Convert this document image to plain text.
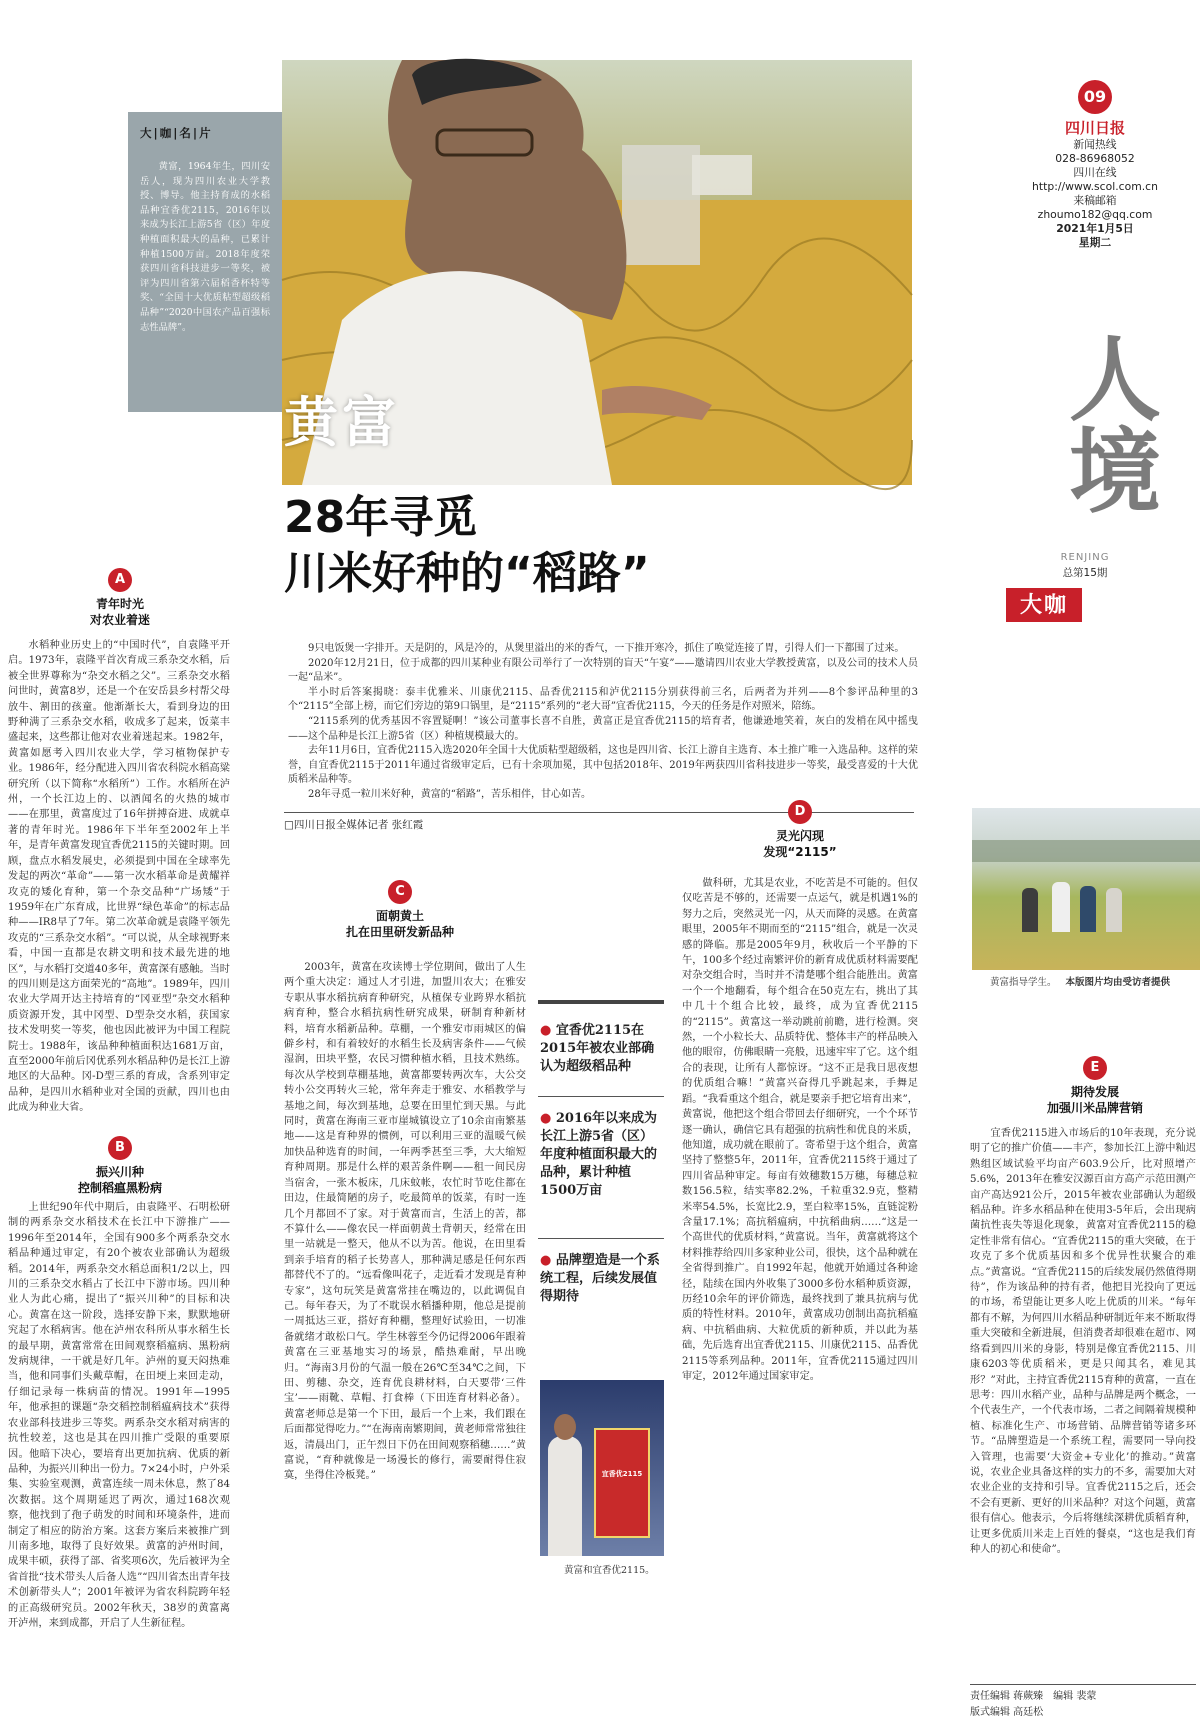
大|咖|名|片
黄富，1964年生，四川安岳人，现为四川农业大学教授、博导。他主持育成的水稻品种宜香优2115，2016年以来成为长江上游5省（区）年度种植面积最大的品种，已累计种植1500万亩。2018年度荣获四川省科技进步一等奖，被评为四川省第六届稻香杯特等奖、“全国十大优质粘型超级稻品种”“2020中国农产品百强标志性品牌”。
黄富
28年寻觅
川米好种的“稻路”
09
四川日报
新闻热线
028-86968052
四川在线
http://www.scol.com.cn
来稿邮箱
zhoumo182@qq.com
2021年1月5日
星期二
人境
RENJING
总第15期
大咖
A
青年时光
对农业着迷

水稻种业历史上的“中国时代”，自袁隆平开启。1973年，袁隆平首次育成三系杂交水稻，后被全世界尊称为“杂交水稻之父”。三系杂交水稻问世时，黄富8岁，还是一个在安岳县乡村帮父母放牛、割田的孩童。他渐渐长大，看到身边的田野种满了三系杂交水稻，收成多了起来，饭菜丰盛起来，这些都让他对农业着迷起来。1982年，黄富如愿考入四川农业大学，学习植物保护专业。1986年，经分配进入四川省农科院水稻高粱研究所（以下简称“水稻所”）工作。水稻所在泸州，一个长江边上的、以酒闻名的火热的城市——在那里，黄富度过了16年拼搏奋进、成就卓著的青年时光。1986年下半年至2002年上半年，是青年黄富发现宜香优2115的关键时期。回顾，盘点水稻发展史，必须提到中国在全球率先发起的两次“革命”——第一次水稻革命是黄耀祥攻克的矮化育种，第一个杂交品种“广场矮”于1959年在广东育成，比世界“绿色革命”的标志品种——IR8早了7年。第二次革命就是袁隆平领先攻克的“三系杂交水稻”。“可以说，从全球视野来看，中国一直都是农耕文明和技术最先进的地区”，与水稻打交道40多年，黄富深有感触。当时的四川则是这方面荣光的“高地”。1989年，四川农业大学周开达主持培育的“冈亚型”杂交水稻种质资源开发，其中冈型、D型杂交水稻，获国家技术发明奖一等奖，他也因此被评为中国工程院院士。1988年，该品种种植面积达1681万亩，直至2000年前后冈优系列水稻品种仍是长江上游地区的大品种。冈-D型三系的育成，含系列审定品种，是四川水稻种业对全国的贡献，四川也由此成为种业大省。

B
振兴川种
控制稻瘟黑粉病

上世纪90年代中期后，由袁隆平、石明松研制的两系杂交水稻技术在长江中下游推广——1996年至2014年，全国有900多个两系杂交水稻品种通过审定，有20个被农业部确认为超级稻。2014年，两系杂交水稻总面积1/2以上，四川的三系杂交水稻占了长江中下游市场。四川种业人为此心痛，提出了“振兴川种”的目标和决心。黄富在这一阶段，选择安静下来，默默地研究起了水稻病害。他在泸州农科所从事水稻生长的最早期，黄富常常在田间观察稻瘟病、黑粉病发病规律，一干就是好几年。泸州的夏天闷热难当，他和同事们头戴草帽，在田埂上来回走动，仔细记录每一株病苗的情况。1991年—1995年，他承担的课题“杂交稻控制稻瘟病技术”获得农业部科技进步三等奖。两系杂交水稻对病害的抗性较差，这也是其在四川推广受限的重要原因。他暗下决心，要培育出更加抗病、优质的新品种，为振兴川种出一份力。7×24小时，户外采集、实验室观测，黄富连续一周未休息，熬了84次数据。这个周期延迟了两次，通过168次观察，他找到了孢子萌发的时间和环境条件，进而制定了相应的防治方案。这套方案后来被推广到川南多地，取得了良好效果。黄富的泸州时间，成果丰硕，获得了部、省奖项6次，先后被评为全省首批“技术带头人后备人选”“四川省杰出青年技术创新带头人”；2001年被评为省农科院跨年轻的正高级研究员。2002年秋天，38岁的黄富离开泸州，来到成都，开启了人生新征程。

9只电饭煲一字排开。天是阴的，风是冷的，从煲里溢出的米的香气，一下推开寒冷，抓住了唤觉连接了胃，引得人们一下都围了过来。

2020年12月21日，位于成都的四川某种业有限公司举行了一次特别的盲天“午宴”——邀请四川农业大学教授黄富，以及公司的技术人员一起“品米”。

半小时后答案揭晓：泰丰优雅米、川康优2115、品香优2115和泸优2115分别获得前三名，后两者为并列——8个参评品种里的3个“2115”全部上榜，而它们旁边的第9口锅里，是“2115”系列的“老大哥”宜香优2115，今天的任务是作对照米，陪练。

“2115系列的优秀基因不容置疑啊！”该公司董事长喜不自胜，黄富正是宜香优2115的培育者，他谦逊地笑着，灰白的发梢在风中摇曳——这个品种是长江上游5省（区）种植规模最大的。

去年11月6日，宜香优2115入选2020年全国十大优质粘型超级稻，这也是四川省、长江上游自主选育、本土推广唯一入选品种。这样的荣誉，自宜香优2115于2011年通过省级审定后，已有十余项加冕，其中包括2018年、2019年两获四川省科技进步一等奖，最受喜爱的十大优质稻米品种等。

28年寻觅一粒川米好种，黄富的“稻路”，苦乐相伴，甘心如苦。

□四川日报全媒体记者 张红霞
C
面朝黄土
扎在田里研发新品种

2003年，黄富在攻读博士学位期间，做出了人生两个重大决定：通过人才引进，加盟川农大；在雅安专职从事水稻抗病育种研究，从植保专业跨界水稻抗病育种，整合水稻抗病性研究成果，研制育种新材料，培育水稻新品种。草棚，一个雅安市雨城区的偏僻乡村，和有着较好的水稻生长及病害条件——气候湿润，田块平整，农民习惯种植水稻，且技术熟练。每次从学校到草棚基地，黄富都要转两次车，大公交转小公交再转火三轮，常年奔走于雅安、水稻教学与基地之间，每次到基地，总要在田里忙到天黑。与此同时，黄富在海南三亚市崖城镇设立了10余亩南繁基地——这是育种界的惯例，可以利用三亚的温暖气候加快品种选育的时间，一年两季甚至三季，大大缩短育种周期。那是什么样的艰苦条件啊——租一间民房当宿舍，一张木板床，几床蚊帐，农忙时节吃住都在田边，住最简陋的房子，吃最简单的饭菜，有时一连几个月都回不了家。对于黄富而言，生活上的苦，都不算什么——像农民一样面朝黄土背朝天，经常在田里一站就是一整天，他从不以为苦。他说，在田里看到亲手培育的稻子长势喜人，那种满足感是任何东西都替代不了的。“远看像叫花子，走近看才发现是育种专家”，这句玩笑是黄富常挂在嘴边的，以此调侃自己。每年春天，为了不耽误水稻播种期，他总是提前一周抵达三亚，搭好育种棚，整理好试验田，一切准备就绪才敢松口气。学生林蓉至今仍记得2006年跟着黄富在三亚基地实习的场景，酷热难耐，早出晚归。“海南3月份的气温一般在26℃至34℃之间，下田、剪穗、杂交，连育优良耕材料，白天要带‘三件宝’——雨靴、草帽、打食棒（下田连育材料必备）。黄富老师总是第一个下田，最后一个上来，我们跟在后面都觉得吃力。”“在海南南繁期间，黄老师常常独往返，清晨出门，正午烈日下仍在田间观察稻穗……”黄富说，“育种就像是一场漫长的修行，需要耐得住寂寞，坐得住冷板凳。”

● 宜香优2115在2015年被农业部确认为超级稻品种
● 2016年以来成为长江上游5省（区）年度种植面积最大的品种，累计种植1500万亩
● 品牌塑造是一个系统工程，后续发展值得期待
宜香优2115
黄富和宜香优2115。
D
灵光闪现
发现“2115”

做科研，尤其是农业，不吃苦是不可能的。但仅仅吃苦是不够的，还需要一点运气，就是机遇1%的努力之后，突然灵光一闪，从天而降的灵感。在黄富眼里，2005年不期而至的“2115”组合，就是一次灵感的降临。那是2005年9月，秋收后一个平静的下午，100多个经过南繁评价的新育成优质材料需要配对杂交组合时，当时并不清楚哪个组合能胜出。黄富一个一个地翻看，每个组合在50克左右，挑出了其中几十个组合比较，最终，成为宜香优2115的“2115”。黄富这一举动跳前前瞻，进行检测。突然，一个小粒长大、品质特优、整体丰产的样品映入他的眼帘，仿佛眼睛一亮般，迅速牢牢了它。这个组合的表现，让所有人都惊讶。“这不正是我日思夜想的优质组合嘛！”黄富兴奋得几乎跳起来，手舞足蹈。“我看重这个组合，就是要亲手把它培育出来”，黄富说，他把这个组合带回去仔细研究，一个个环节逐一确认，确信它具有超强的抗病性和优良的米质，他知道，成功就在眼前了。寄希望于这个组合，黄富坚持了整整5年，2011年，宜香优2115终于通过了四川省品种审定。每亩有效穗数15万穗，每穗总粒数156.5粒，结实率82.2%，千粒重32.9克，整精米率54.5%，长宽比2.9，垩白粒率15%，直链淀粉含量17.1%；高抗稻瘟病，中抗稻曲病……“这是一个高世代的优质材料，”黄富说。当年，黄富就将这个材料推荐给四川多家种业公司，很快，这个品种就在全省得到推广。自1992年起，他就开始通过各种途径，陆续在国内外收集了3000多份水稻种质资源，历经10余年的评价筛选，最终找到了兼具抗病与优质的特性材料。2010年，黄富成功创制出高抗稻瘟病、中抗稻曲病、大粒优质的新种质，并以此为基础，先后选育出宜香优2115、川康优2115、品香优2115等系列品种。2011年，宜香优2115通过四川审定，2012年通过国家审定。

黄富指导学生。 本版图片均由受访者提供
E
期待发展
加强川米品牌营销

宜香优2115进入市场后的10年表现，充分说明了它的推广价值——丰产，参加长江上游中籼迟熟组区域试验平均亩产603.9公斤，比对照增产5.6%，2013年在雅安汉源百亩方高产示范田测产亩产高达921公斤，2015年被农业部确认为超级稻品种。许多水稻品种在使用3-5年后，会出现病菌抗性丧失等退化现象，黄富对宜香优2115的稳定性非常有信心。“宜香优2115的重大突破，在于攻克了多个优质基因和多个优异性状聚合的难点。”黄富说。“宜香优2115的后续发展仍然值得期待”，作为该品种的持有者，他把目光投向了更远的市场，希望能让更多人吃上优质的川米。“每年都有不解，为何四川水稻品种研制近年来不断取得重大突破和全新进展，但消费者却很难在超市、网络看到四川米的身影，特别是像宜香优2115、川康6203等优质稻米，更是只闻其名，难见其形？”对此，主持宜香优2115育种的黄富，一直在思考：四川水稻产业，品种与品牌是两个概念，一个代表生产，一个代表市场，二者之间隔着规模种植、标准化生产、市场营销、品牌营销等诸多环节。“品牌塑造是一个系统工程，需要同一导向投入管理，也需要‘大资金+专业化’的推动。”黄富说，农业企业具备这样的实力的不多，需要加大对农业企业的支持和引导。宜香优2115之后，还会不会有更新、更好的川米品种？对这个问题，黄富很有信心。他表示，今后将继续深耕优质稻育种，让更多优质川米走上百姓的餐桌，“这也是我们育种人的初心和使命”。

责任编辑 蒋蕨臻　编辑 裴蒙
版式编辑 高廷松
